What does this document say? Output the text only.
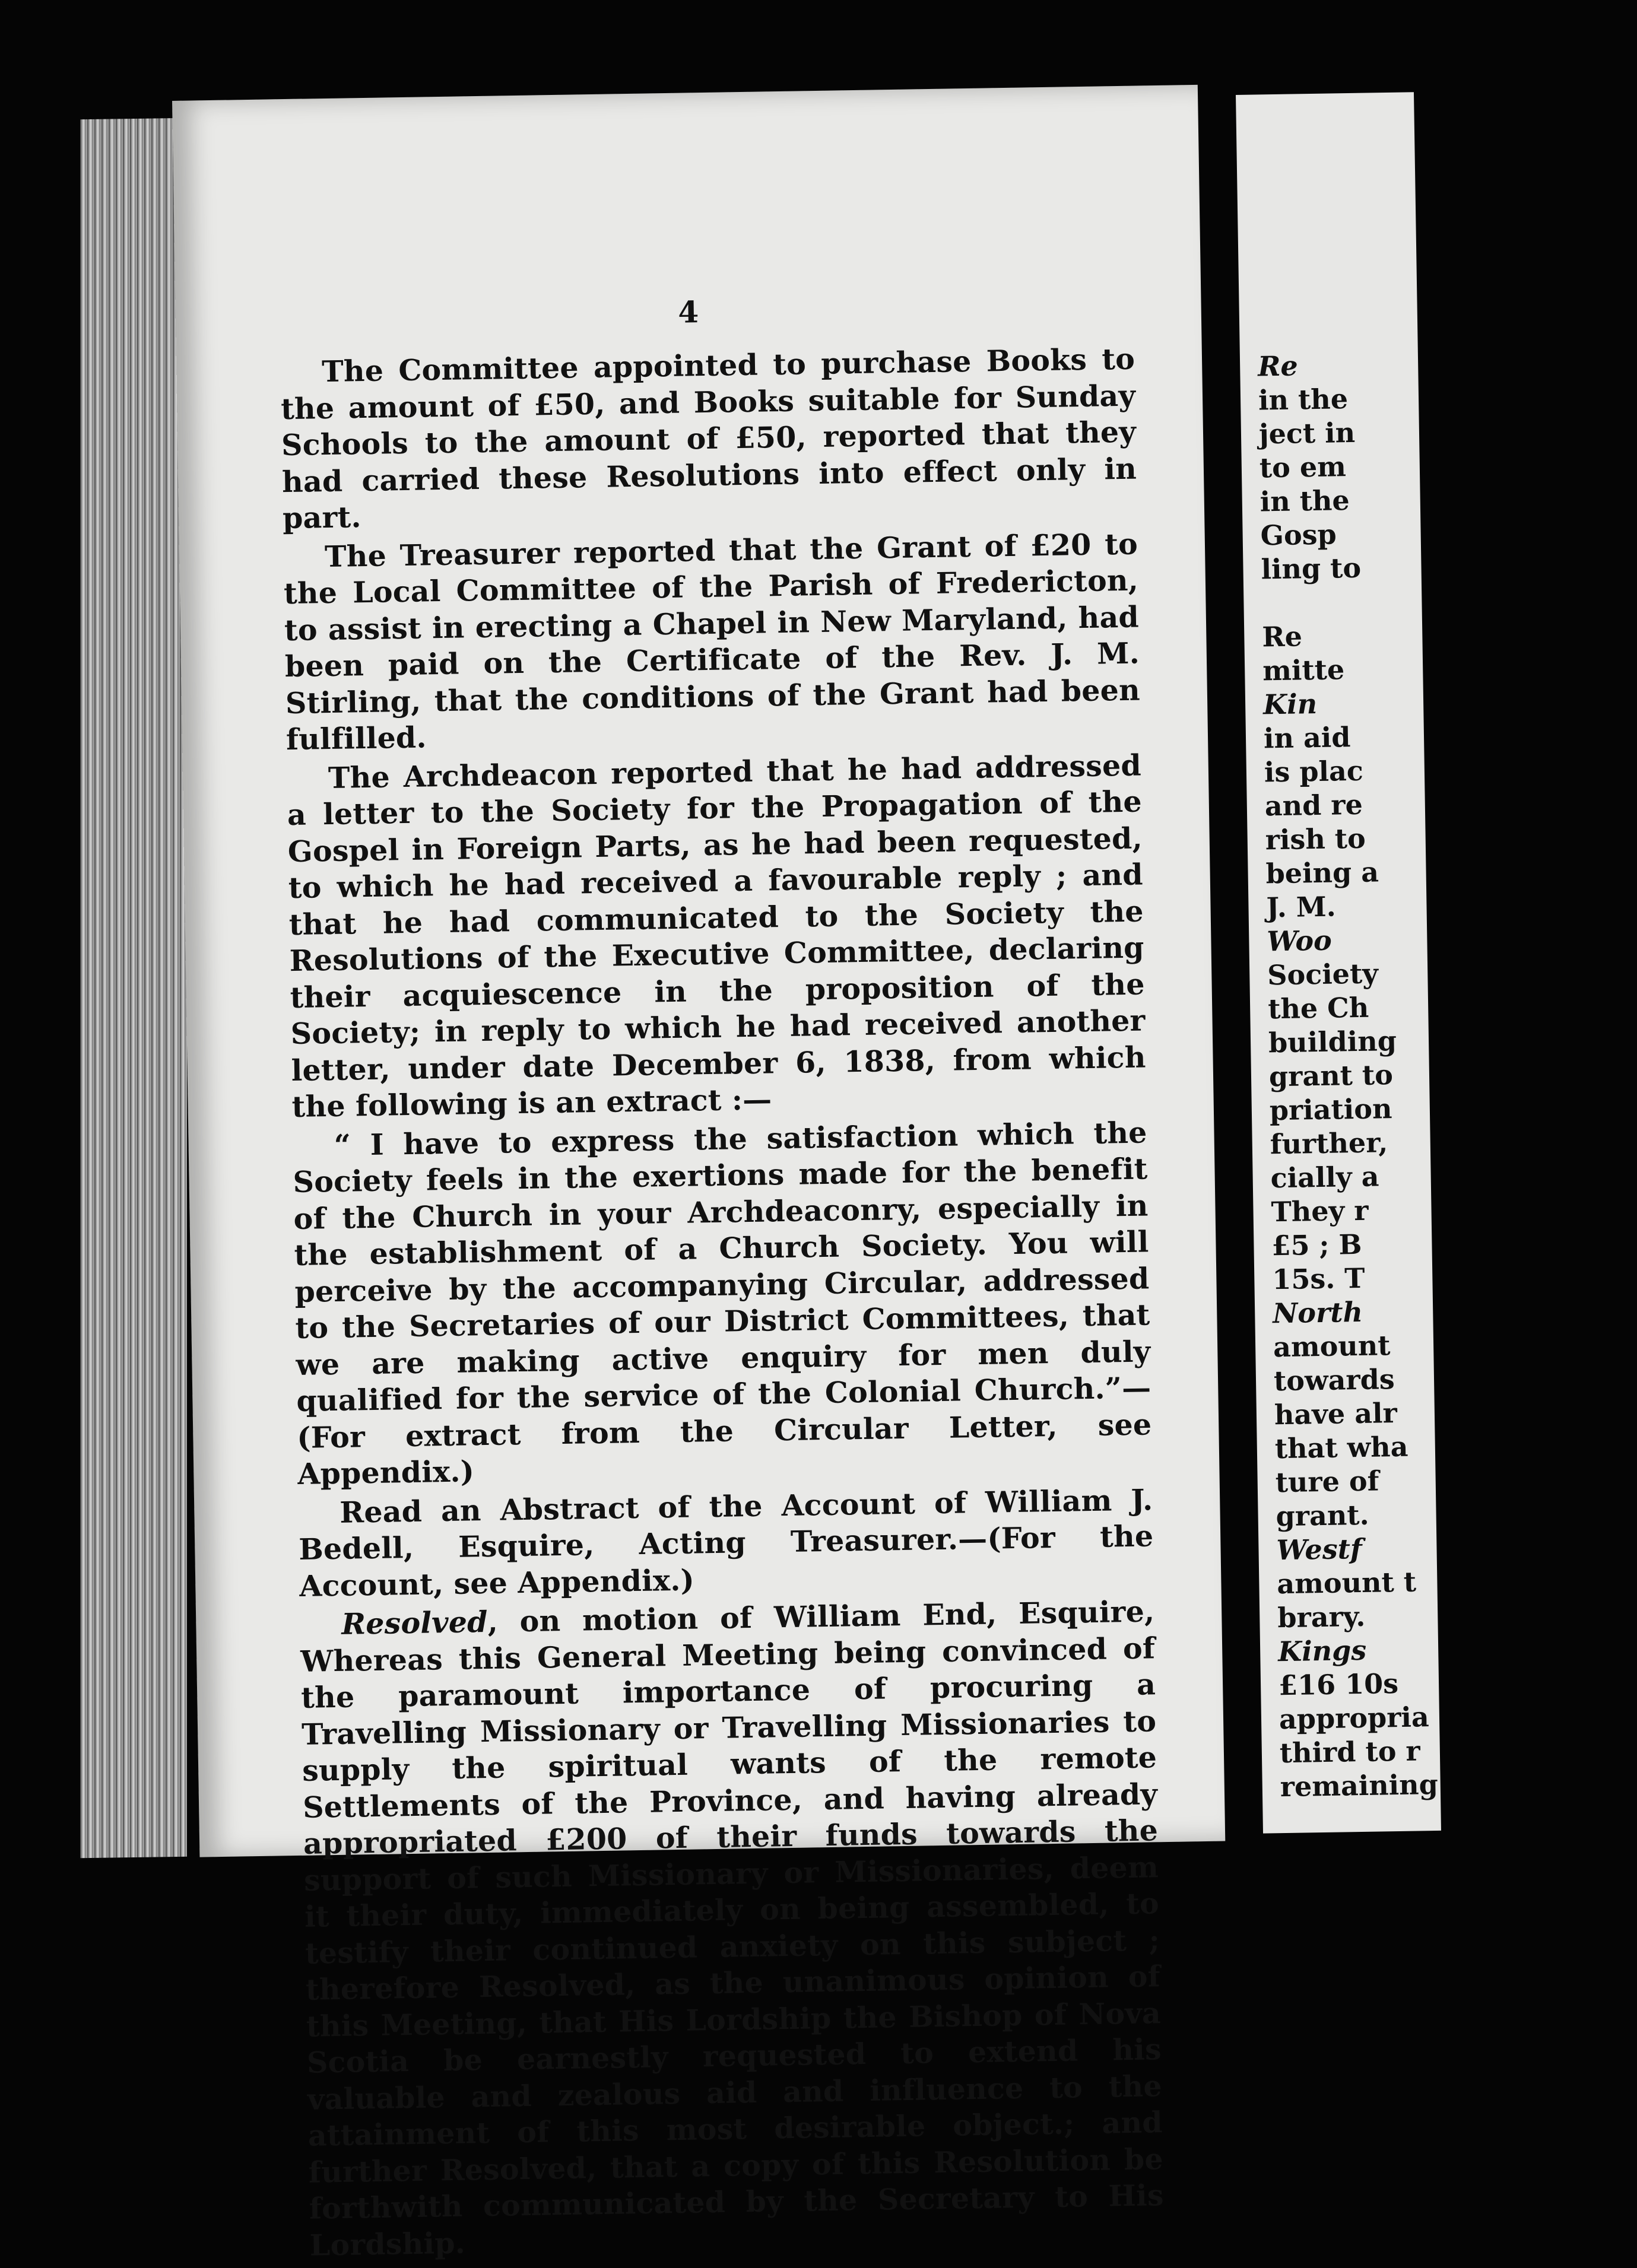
4

The Committee appointed to purchase Books to the amount of £50, and Books suitable for Sunday Schools to the amount of £50, reported that they had carried these Resolutions into effect only in part.

The Treasurer reported that the Grant of £20 to the Local Committee of the Parish of Fredericton, to assist in erecting a Chapel in New Maryland, had been paid on the Certificate of the Rev. J. M. Stirling, that the conditions of the Grant had been fulfilled.

The Archdeacon reported that he had addressed a letter to the Society for the Propagation of the Gospel in Foreign Parts, as he had been requested, to which he had received a favourable reply ; and that he had communicated to the Society the Resolutions of the Executive Committee, declaring their acquiescence in the proposition of the Society; in reply to which he had received another letter, under date December 6, 1838, from which the following is an extract :—

“ I have to express the satisfaction which the Society feels in the exertions made for the benefit of the Church in your Archdeaconry, especially in the establishment of a Church Society. You will perceive by the accompanying Circular, addressed to the Secretaries of our District Committees, that we are making active enquiry for men duly qualified for the service of the Colonial Church.”—(For extract from the Circular Letter, see Appendix.)

Read an Abstract of the Account of William J. Bedell, Esquire, Acting Treasurer.—(For the Account, see Appendix.)

Resolved, on motion of William End, Esquire, Whereas this General Meeting being convinced of the paramount importance of procuring a Travelling Missionary or Travelling Missionaries to supply the spiritual wants of the remote Settlements of the Province, and having already appropriated £200 of their funds towards the support of such Missionary or Missionaries, deem it their duty, immediately on being assembled, to testify their continued anxiety on this subject ; therefore Resolved, as the unanimous opinion of this Meeting, that His Lordship the Bishop of Nova Scotia be earnestly requested to extend his valuable and zealous aid and influence to the attainment of this most desirable object.; and further Resolved, that a copy of this Resolution be forthwith communicated by the Secretary to His Lordship.

Re
in the
ject in
to em
in the
Gosp
ling to
Re
mitte
Kin
in aid
is plac
and re
rish to
being a
J. M.
Woo
Society
the Ch
building
grant to
priation
further,
cially a
They r
£5 ; B
15s. T
North
amount
towards
have alr
that wha
ture of
grant.
Westf
amount t
brary.
Kings
£16 10s
appropria
third to r
remaining
